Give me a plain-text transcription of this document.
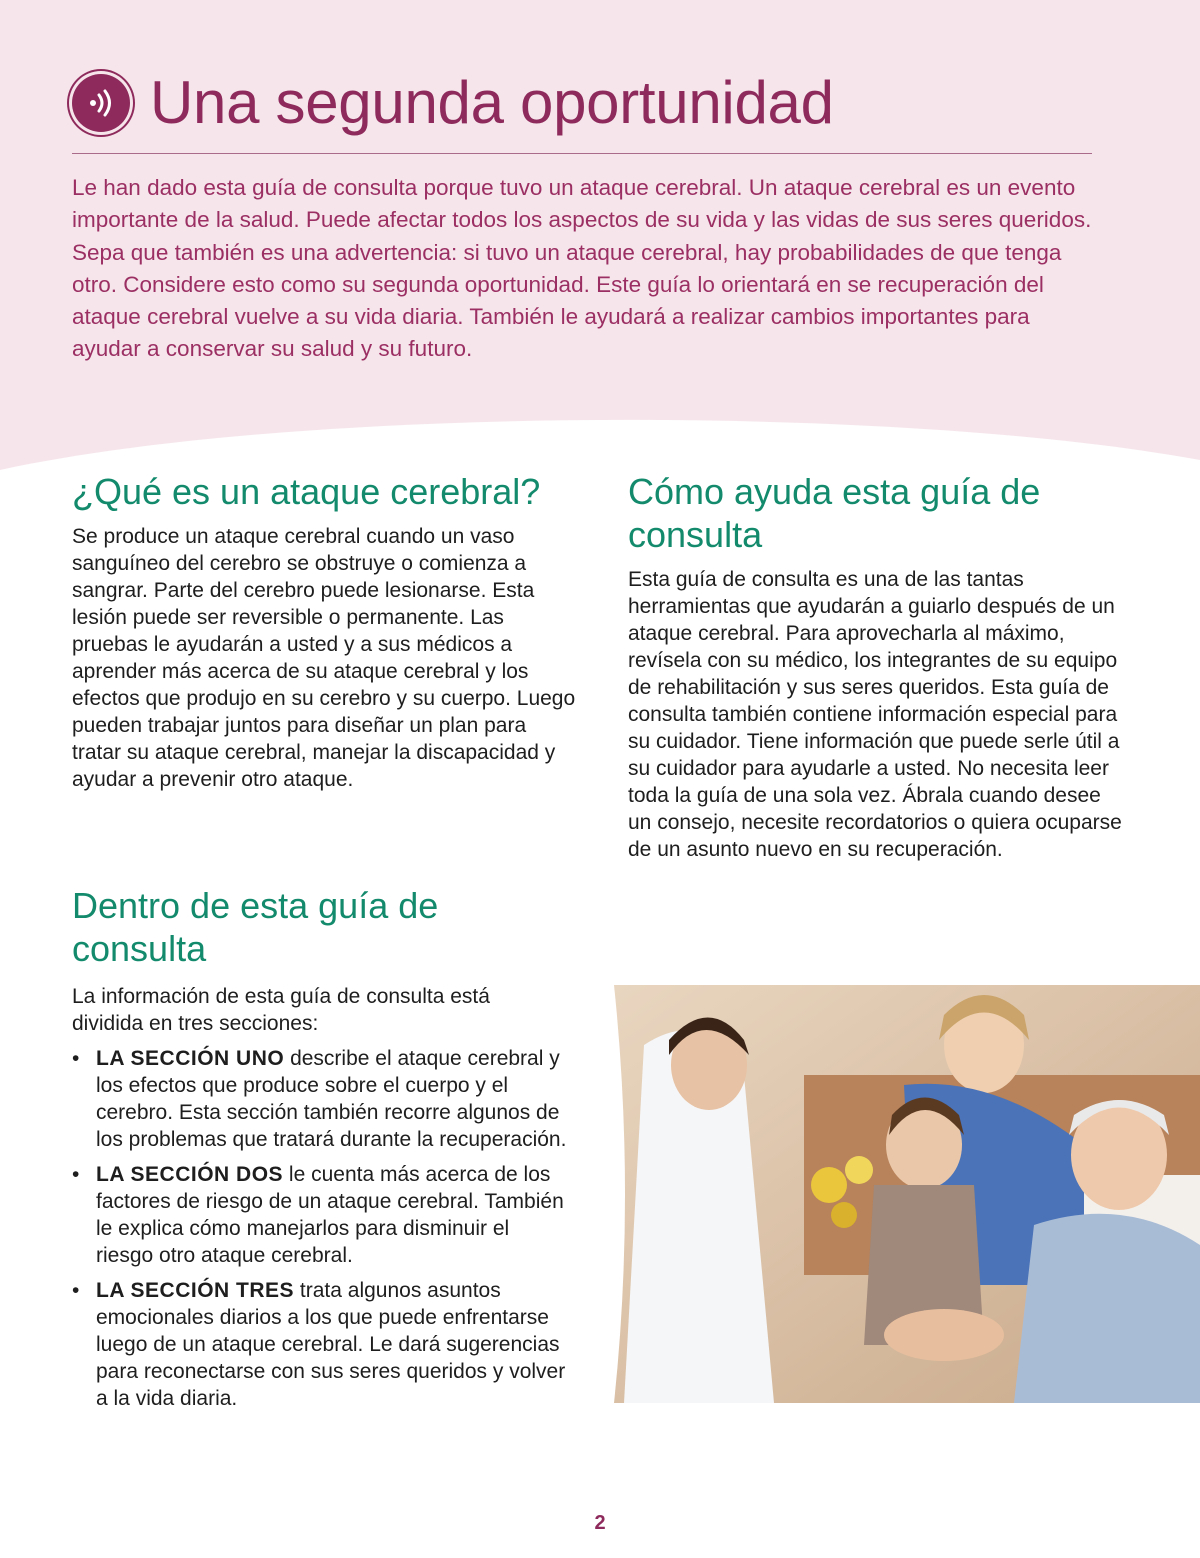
Una segunda oportunidad

Le han dado esta guía de consulta porque tuvo un ataque cerebral. Un ataque cerebral es un evento importante de la salud. Puede afectar todos los aspectos de su vida y las vidas de sus seres queridos. Sepa que también es una advertencia: si tuvo un ataque cerebral, hay probabilidades de que tenga otro. Considere esto como su segunda oportunidad. Este guía lo orientará en se recuperación del ataque cerebral vuelve a su vida diaria. También le ayudará a realizar cambios importantes para ayudar a conservar su salud y su futuro.

¿Qué es un ataque cerebral?

Se produce un ataque cerebral cuando un vaso sanguíneo del cerebro se obstruye o comienza a sangrar. Parte del cerebro puede lesionarse. Esta lesión puede ser reversible o permanente. Las pruebas le ayudarán a usted y a sus médicos a aprender más acerca de su ataque cerebral y los efectos que produjo en su cerebro y su cuerpo. Luego pueden trabajar juntos para diseñar un plan para tratar su ataque cerebral, manejar la discapacidad y ayudar a prevenir otro ataque.

Dentro de esta guía de consulta

La información de esta guía de consulta está dividida en tres secciones:

• LA SECCIÓN UNO describe el ataque cerebral y los efectos que produce sobre el cuerpo y el cerebro. Esta sección también recorre algunos de los problemas que tratará durante la recuperación.
• LA SECCIÓN DOS le cuenta más acerca de los factores de riesgo de un ataque cerebral. También le explica cómo manejarlos para disminuir el riesgo otro ataque cerebral.
• LA SECCIÓN TRES trata algunos asuntos emocionales diarios a los que puede enfrentarse luego de un ataque cerebral. Le dará sugerencias para reconectarse con sus seres queridos y volver a la vida diaria.
Cómo ayuda esta guía de consulta

Esta guía de consulta es una de las tantas herramientas que ayudarán a guiarlo después de un ataque cerebral. Para aprovecharla al máximo, revísela con su médico, los integrantes de su equipo de rehabilitación y sus seres queridos. Esta guía de consulta también contiene información especial para su cuidador. Tiene información que puede serle útil a su cuidador para ayudarle a usted. No necesita leer toda la guía de una sola vez. Ábrala cuando desee un consejo, necesite recordatorios o quiera ocuparse de un asunto nuevo en su recuperación.

2
